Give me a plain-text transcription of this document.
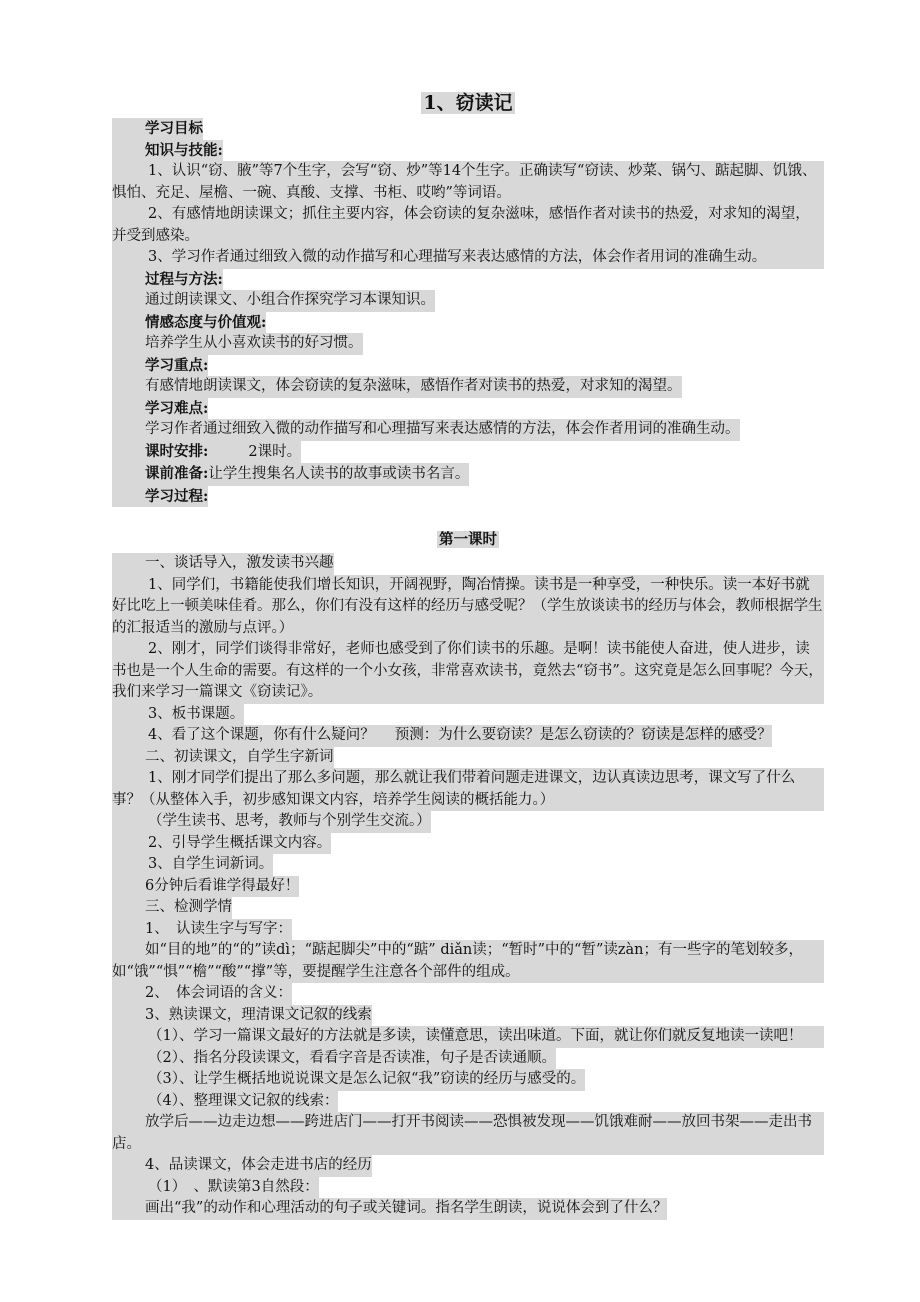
1、窃读记
学习目标
知识与技能:
1、认识“窃、腋”等7个生字，会写“窃、炒”等14个生字。正确读写“窃读、炒菜、锅勺、踮起脚、饥饿、惧怕、充足、屋檐、一碗、真酸、支撑、书柜、哎哟”等词语。
2、有感情地朗读课文；抓住主要内容，体会窃读的复杂滋味，感悟作者对读书的热爱，对求知的渴望，并受到感染。
3、学习作者通过细致入微的动作描写和心理描写来表达感情的方法，体会作者用词的准确生动。
过程与方法:
通过朗读课文、小组合作探究学习本课知识。
情感态度与价值观:
培养学生从小喜欢读书的好习惯。
学习重点:
有感情地朗读课文，体会窃读的复杂滋味，感悟作者对读书的热爱，对求知的渴望。
学习难点:
学习作者通过细致入微的动作描写和心理描写来表达感情的方法，体会作者用词的准确生动。
课时安排:	2课时。
课前准备:让学生搜集名人读书的故事或读书名言。
学习过程:
第一课时
一、谈话导入，激发读书兴趣
1、同学们，书籍能使我们增长知识，开阔视野，陶冶情操。读书是一种享受，一种快乐。读一本好书就好比吃上一顿美味佳肴。那么，你们有没有这样的经历与感受呢？（学生放谈读书的经历与体会，教师根据学生的汇报适当的激励与点评。）
2、刚才，同学们谈得非常好，老师也感受到了你们读书的乐趣。是啊！读书能使人奋进，使人进步，读书也是一个人生命的需要。有这样的一个小女孩，非常喜欢读书，竟然去“窃书”。这究竟是怎么回事呢？今天，我们来学习一篇课文《窃读记》。
3、板书课题。
4、看了这个课题，你有什么疑问？ 预测：为什么要窃读？是怎么窃读的？窃读是怎样的感受？
二、初读课文，自学生字新词
1、刚才同学们提出了那么多问题，那么就让我们带着问题走进课文，边认真读边思考，课文写了什么事？（从整体入手，初步感知课文内容，培养学生阅读的概括能力。）
（学生读书、思考，教师与个别学生交流。）
2、引导学生概括课文内容。
3、自学生词新词。
6分钟后看谁学得最好！
三、检测学情
1、　认读生字与写字：
如“目的地”的“的”读dì；“踮起脚尖”中的“踮” diǎn读；“暂时”中的“暂”读zàn；有一些字的笔划较多，如“饿”“惧”“檐”“酸”“撑”等，要提醒学生注意各个部件的组成。
2、　体会词语的含义：
3、熟读课文，理清课文记叙的线索
（1）、学习一篇课文最好的方法就是多读，读懂意思，读出味道。下面，就让你们就反复地读一读吧！
（2）、指名分段读课文，看看字音是否读准，句子是否读通顺。
（3）、让学生概括地说说课文是怎么记叙“我”窃读的经历与感受的。
（4）、整理课文记叙的线索：
放学后——边走边想——跨进店门——打开书阅读——恐惧被发现——饥饿难耐——放回书架——走出书店。
4、品读课文，体会走进书店的经历
（1）　、默读第3自然段：
画出“我”的动作和心理活动的句子或关键词。指名学生朗读，说说体会到了什么？
